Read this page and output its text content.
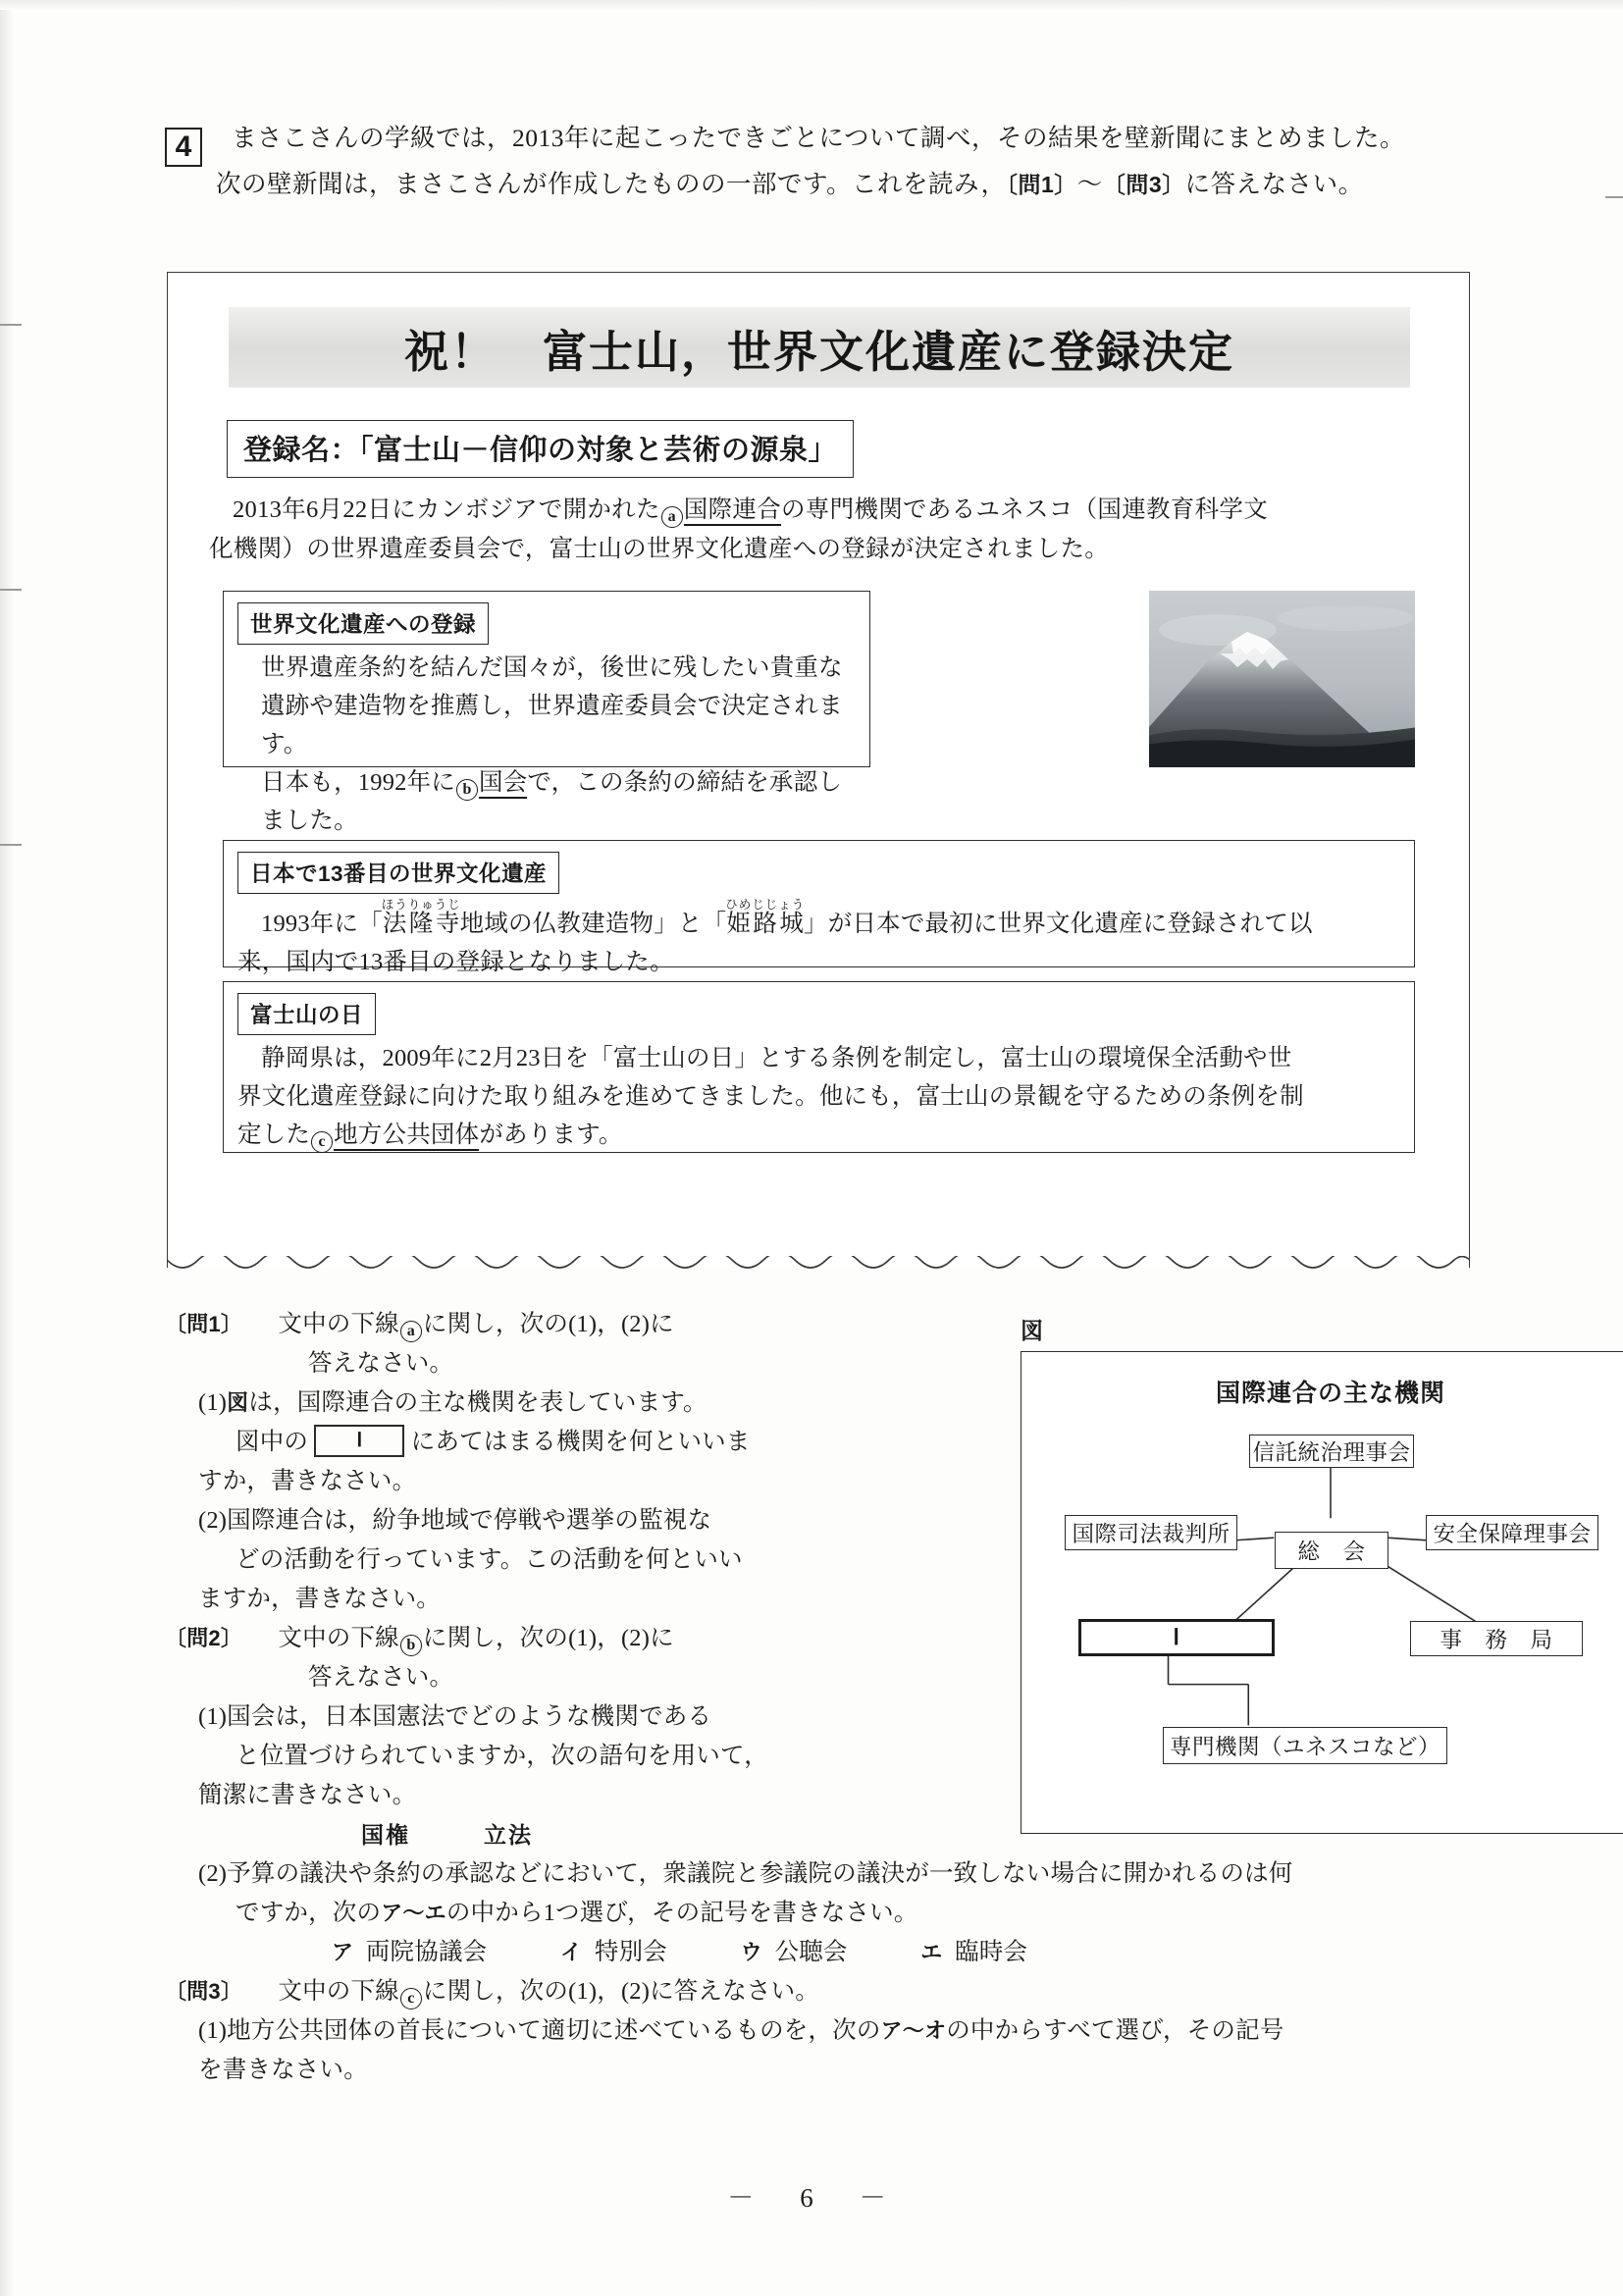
4	まさこさんの学級では，2013年に起こったできごとについて調べ，その結果を壁新聞にまとめました。
次の壁新聞は，まさこさんが作成したものの一部です。これを読み，〔問1〕～〔問3〕に答えなさい。
祝！　富士山，世界文化遺産に登録決定
登録名：「富士山－信仰の対象と芸術の源泉」
2013年6月22日にカンボジアで開かれた a 国際連合の専門機関であるユネスコ（国連教育科学文
化機関）の世界遺産委員会で，富士山の世界文化遺産への登録が決定されました。
世界文化遺産への登録

世界遺産条約を結んだ国々が，後世に残したい貴重な遺跡や建造物を推薦し，世界遺産委員会で決定されます。

日本も，1992年に b 国会で，この条約の締結を承認しました。

日本で13番目の世界文化遺産

1993年に「法隆寺ほうりゅうじ地域の仏教建造物」と「姫路城ひめじじょう」が日本で最初に世界文化遺産に登録されて以

来，国内で13番目の登録となりました。

富士山の日

静岡県は，2009年に2月23日を「富士山の日」とする条例を制定し，富士山の環境保全活動や世

界文化遺産登録に向けた取り組みを進めてきました。他にも，富士山の景観を守るための条例を制

定した c 地方公共団体があります。

〔問1〕 文中の下線 a に関し，次の(1)，(2)に
答えなさい。
(1)図は，国際連合の主な機関を表しています。
図中の Ⅰ にあてはまる機関を何といいま
すか，書きなさい。
(2)国際連合は，紛争地域で停戦や選挙の監視な
どの活動を行っています。この活動を何といい
ますか，書きなさい。
〔問2〕 文中の下線 b に関し，次の(1)，(2)に
答えなさい。
(1)国会は，日本国憲法でどのような機関である
と位置づけられていますか，次の語句を用いて，
簡潔に書きなさい。
国権　　　立法
(2)予算の議決や条約の承認などにおいて，衆議院と参議院の議決が一致しない場合に開かれるのは何
ですか，次のア～エの中から1つ選び，その記号を書きなさい。
ア 両院協議会	イ 特別会	ウ 公聴会	エ 臨時会
〔問3〕 文中の下線 c に関し，次の(1)，(2)に答えなさい。
(1)地方公共団体の首長について適切に述べているものを，次のア～オの中からすべて選び，その記号
を書きなさい。
図
国際連合の主な機関
信託統治理事会
国際司法裁判所	安全保障理事会
総　会
Ⅰ	事　務　局
専門機関（ユネスコなど）
－　6　－
